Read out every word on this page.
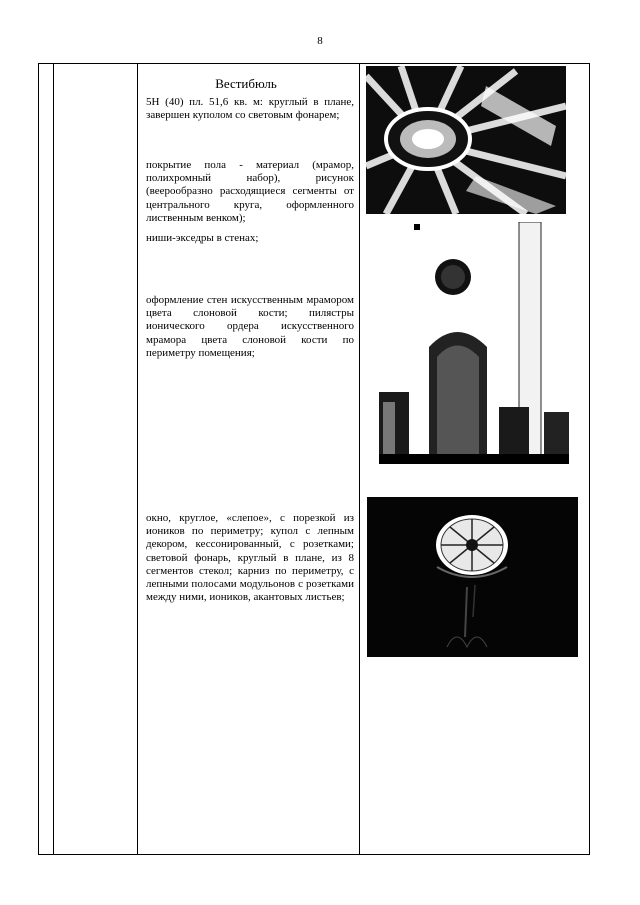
8
Вестибюль

5Н (40) пл. 51,6 кв. м: круглый в плане, завершен куполом со световым фонарем;

покрытие пола - материал (мрамор, полихромный набор), рисунок (веерообразно расходящиеся сегменты от центрального круга, оформленного лиственным венком);

ниши-экседры в стенах;

оформление стен искусственным мрамором цвета слоновой кости; пилястры ионического ордера искусственного мрамора цвета слоновой кости по периметру помещения;

окно, круглое, «слепое», с порезкой из иоников по периметру; купол с лепным декором, кессонированный, с розетками; световой фонарь, круглый в плане, из 8 сегментов стекол; карниз по периметру, с лепными полосами модульонов с розетками между ними, иоников, акантовых листьев;
